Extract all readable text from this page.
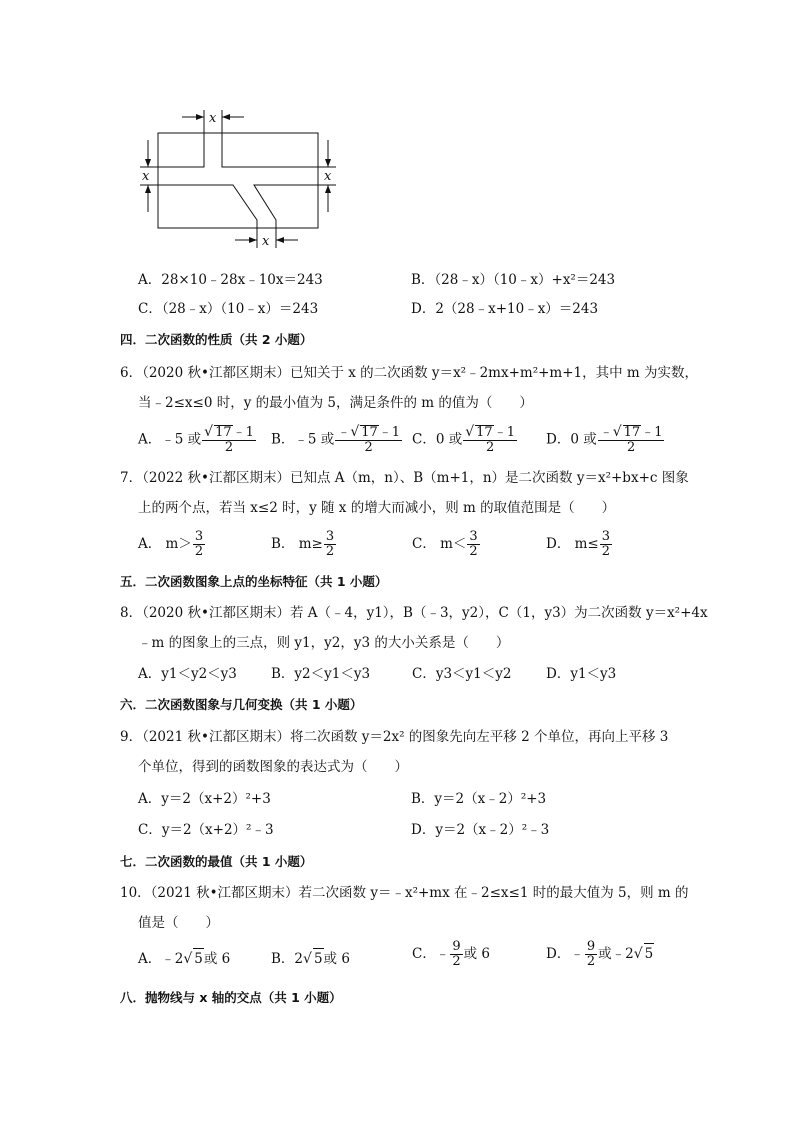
x
x	x
x
A．28×10﹣28x﹣10x＝243	B．（28﹣x）（10﹣x）+x²＝243
C．（28﹣x）（10﹣x）＝243	D．2（28﹣x+10﹣x）＝243
四．二次函数的性质（共 2 小题）
6．（2020 秋•江都区期末）已知关于 x 的二次函数 y＝x²﹣2mx+m²+m+1，其中 m 为实数，
当﹣2≤x≤0 时，y 的最小值为 5，满足条件的 m 的值为（　　）
A．﹣5 或 $\frac{√ 17﹣1}{2}$ B．﹣5 或 $\frac{﹣√ 17﹣1}{2}$ C．0 或 $\frac{√ 17﹣1}{2}$ D．0 或 $\frac{﹣√ 17﹣1}{2}$
7．（2022 秋•江都区期末）已知点 A（m，n）、B（m+1，n）是二次函数 y＝x²+bx+c 图象
上的两个点，若当 x≤2 时，y 随 x 的增大而减小，则 m 的取值范围是（　　）
A． $m> \frac{3}{2}$	B． $m\ge \frac{3}{2}$	C． $m< \frac{3}{2}$	D． $m\le \frac{3}{2}$
五．二次函数图象上点的坐标特征（共 1 小题）
8．（2020 秋•江都区期末）若 A（﹣4，y1），B（﹣3，y2），C（1，y3）为二次函数 y＝x²+4x
﹣m 的图象上的三点，则 y1，y2，y3 的大小关系是（　　）
A．y1＜y2＜y3	B．y2＜y1＜y3	C．y3＜y1＜y2	D．y1＜y3
六．二次函数图象与几何变换（共 1 小题）
9．（2021 秋•江都区期末）将二次函数 y＝2x² 的图象先向左平移 2 个单位，再向上平移 3
个单位，得到的函数图象的表达式为（　　）
A．y＝2（x+2）²+3	B．y＝2（x﹣2）²+3
C．y＝2（x+2）²﹣3	D．y＝2（x﹣2）²﹣3
七．二次函数的最值（共 1 小题）
10．（2021 秋•江都区期末）若二次函数 y＝﹣x²+mx 在﹣2≤x≤1 时的最大值为 5，则 m 的
值是（　　）
A．﹣2√ 5或 6	B．2√ 5或 6	C．﹣ $\frac{9}{2}$ 或 6	D．﹣ $\frac{9}{2}$ 或﹣2√ 5
八．抛物线与 x 轴的交点（共 1 小题）
